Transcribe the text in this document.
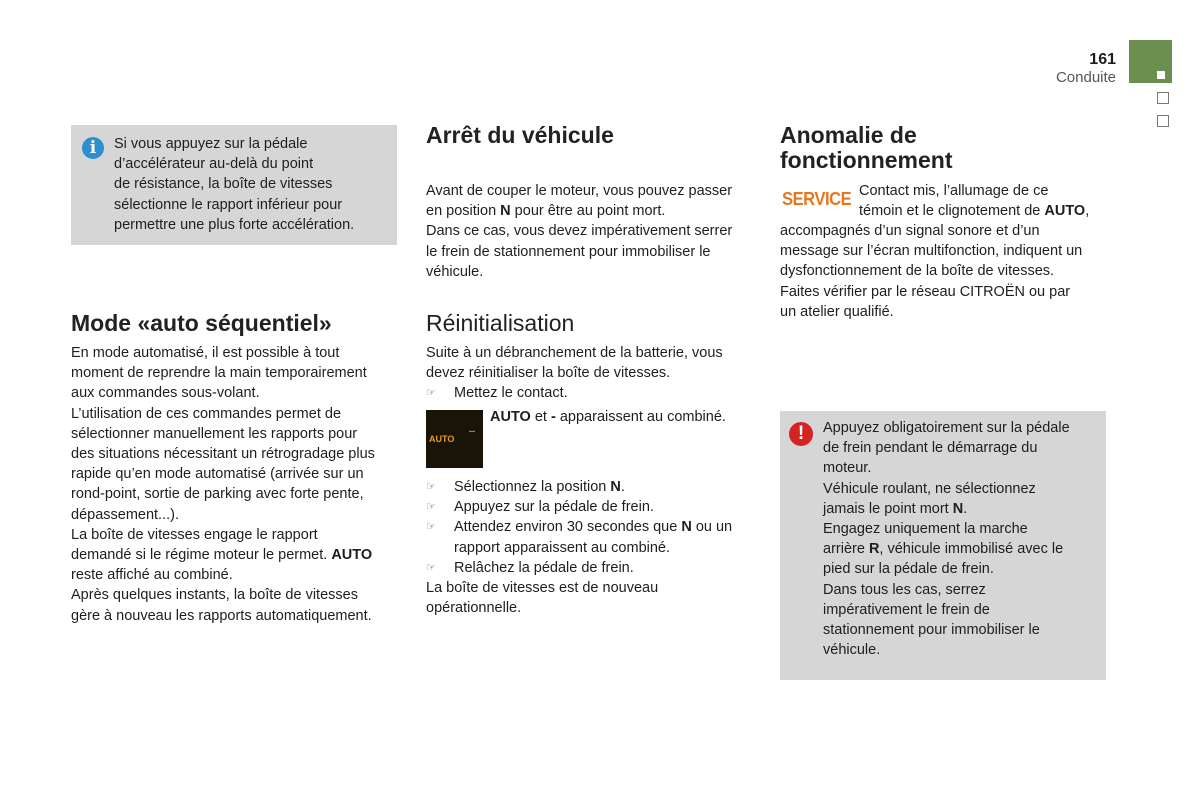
161
Conduite
i	Si vous appuyez sur la pédale

d’accélérateur au-delà du point

de résistance, la boîte de vitesses

sélectionne le rapport inférieur pour

permettre une plus forte accélération.

Mode «auto séquentiel»

En mode automatisé, il est possible à tout

moment de reprendre la main temporairement

aux commandes sous-volant.

L’utilisation de ces commandes permet de

sélectionner manuellement les rapports pour

des situations nécessitant un rétrogradage plus

rapide qu’en mode automatisé (arrivée sur un

rond-point, sortie de parking avec forte pente,

dépassement...).

La boîte de vitesses engage le rapport

demandé si le régime moteur le permet. AUTO

reste affiché au combiné.

Après quelques instants, la boîte de vitesses

gère à nouveau les rapports automatiquement.

Arrêt du véhicule

Avant de couper le moteur, vous pouvez passer

en position N pour être au point mort.

Dans ce cas, vous devez impérativement serrer

le frein de stationnement pour immobiliser le

véhicule.

Réinitialisation

Suite à un débranchement de la batterie, vous

devez réinitialiser la boîte de vitesses.

☞	Mettez le contact.
AUTO
--

AUTO et - apparaissent au combiné.

☞	Sélectionnez la position N.
☞	Appuyez sur la pédale de frein.
☞	Attendez environ 30 secondes que N ou un
rapport apparaissent au combiné.
☞	Relâchez la pédale de frein.

La boîte de vitesses est de nouveau

opérationnelle.

Anomalie de
fonctionnement
SERVICE Contact mis, l’allumage de ce

témoin et le clignotement de AUTO,

accompagnés d’un signal sonore et d’un

message sur l’écran multifonction, indiquent un

dysfonctionnement de la boîte de vitesses.

Faites vérifier par le réseau CITROËN ou par

un atelier qualifié.

!	Appuyez obligatoirement sur la pédale

de frein pendant le démarrage du

moteur.

Véhicule roulant, ne sélectionnez

jamais le point mort N.

Engagez uniquement la marche

arrière R, véhicule immobilisé avec le

pied sur la pédale de frein.

Dans tous les cas, serrez

impérativement le frein de

stationnement pour immobiliser le

véhicule.
